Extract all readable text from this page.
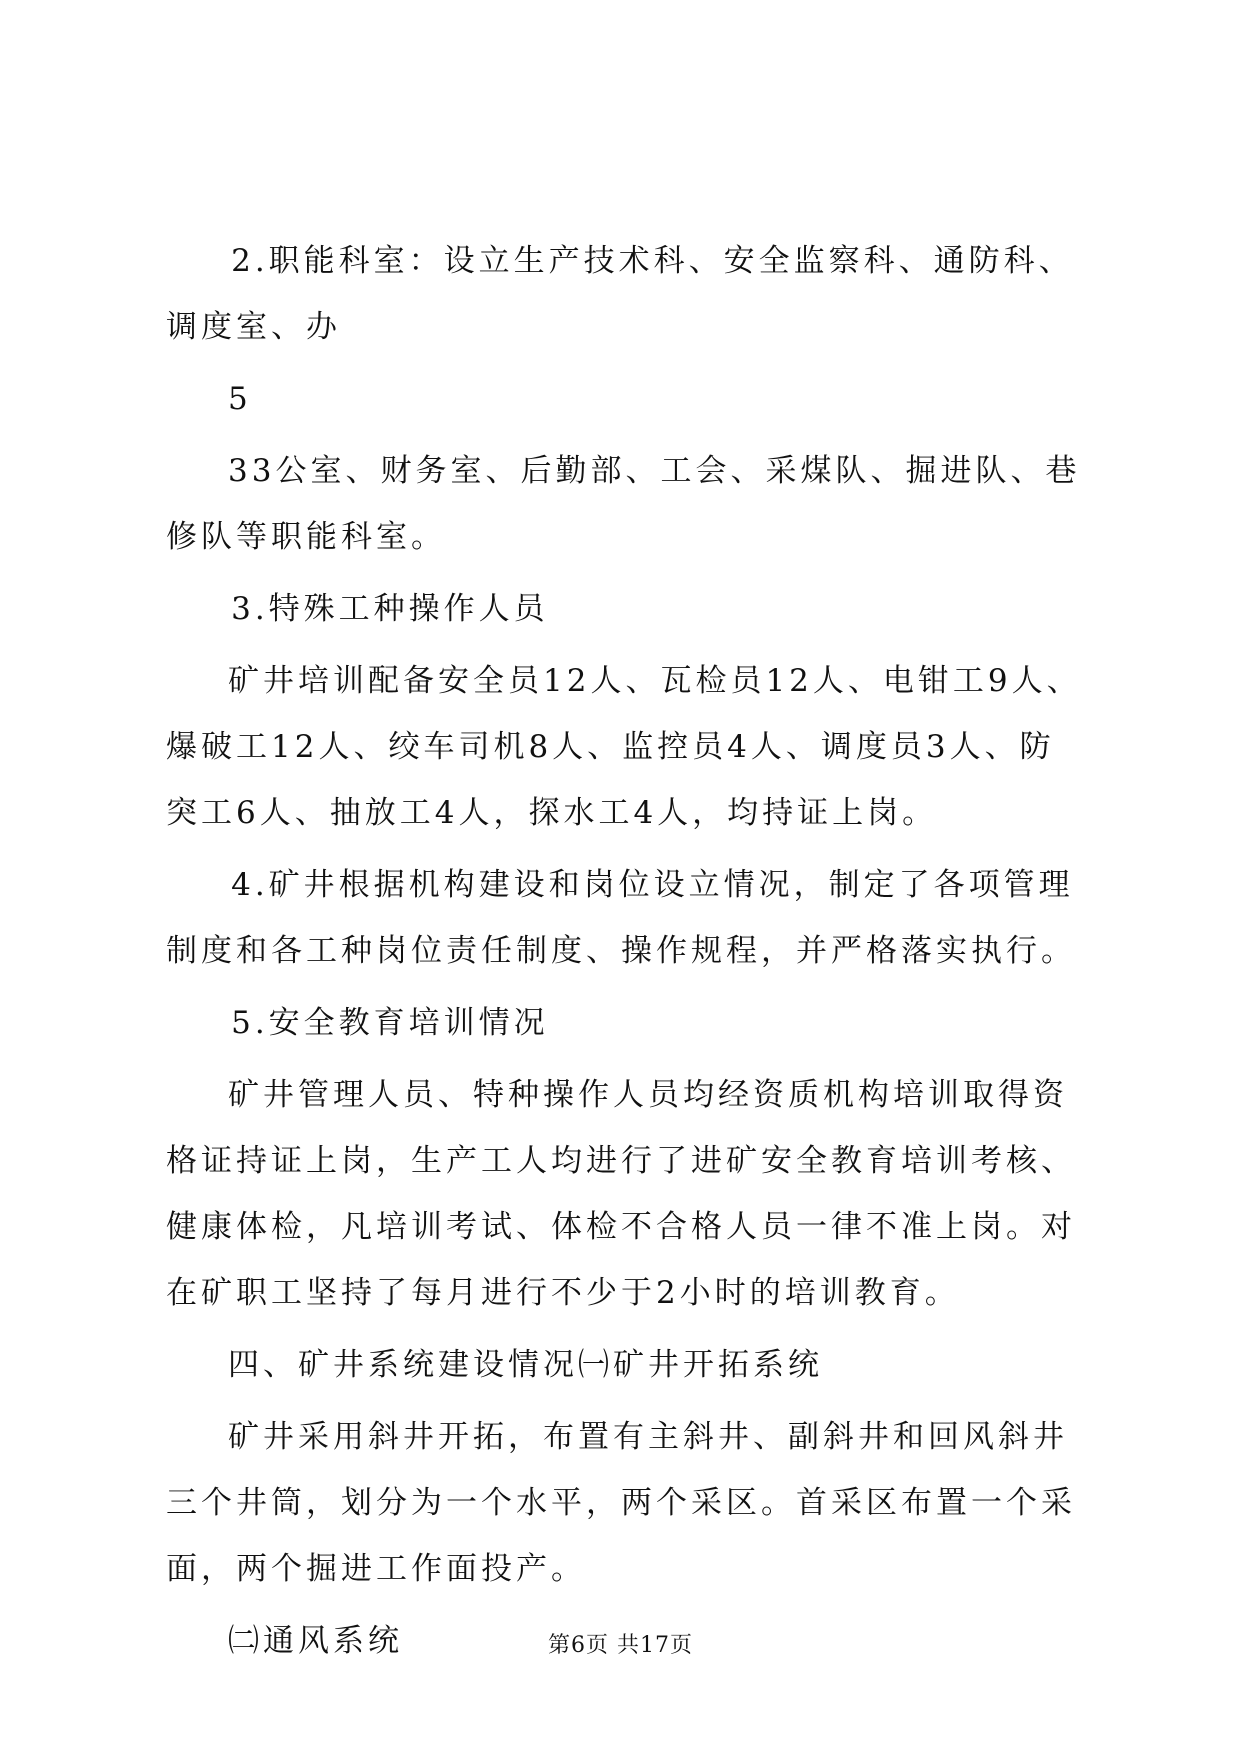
2.职能科室：设立生产技术科、安全监察科、通防科、调度室、办

5

33公室、财务室、后勤部、工会、采煤队、掘进队、巷修队等职能科室。

3.特殊工种操作人员

矿井培训配备安全员12人、瓦检员12人、电钳工9人、爆破工12人、绞车司机8人、监控员4人、调度员3人、防突工6人、抽放工4人，探水工4人，均持证上岗。

4.矿井根据机构建设和岗位设立情况，制定了各项管理制度和各工种岗位责任制度、操作规程，并严格落实执行。

5.安全教育培训情况

矿井管理人员、特种操作人员均经资质机构培训取得资格证持证上岗，生产工人均进行了进矿安全教育培训考核、健康体检，凡培训考试、体检不合格人员一律不准上岗。对在矿职工坚持了每月进行不少于2小时的培训教育。

四、矿井系统建设情况㈠矿井开拓系统

矿井采用斜井开拓，布置有主斜井、副斜井和回风斜井三个井筒，划分为一个水平，两个采区。首采区布置一个采面，两个掘进工作面投产。

㈡通风系统	第6页 共17页
